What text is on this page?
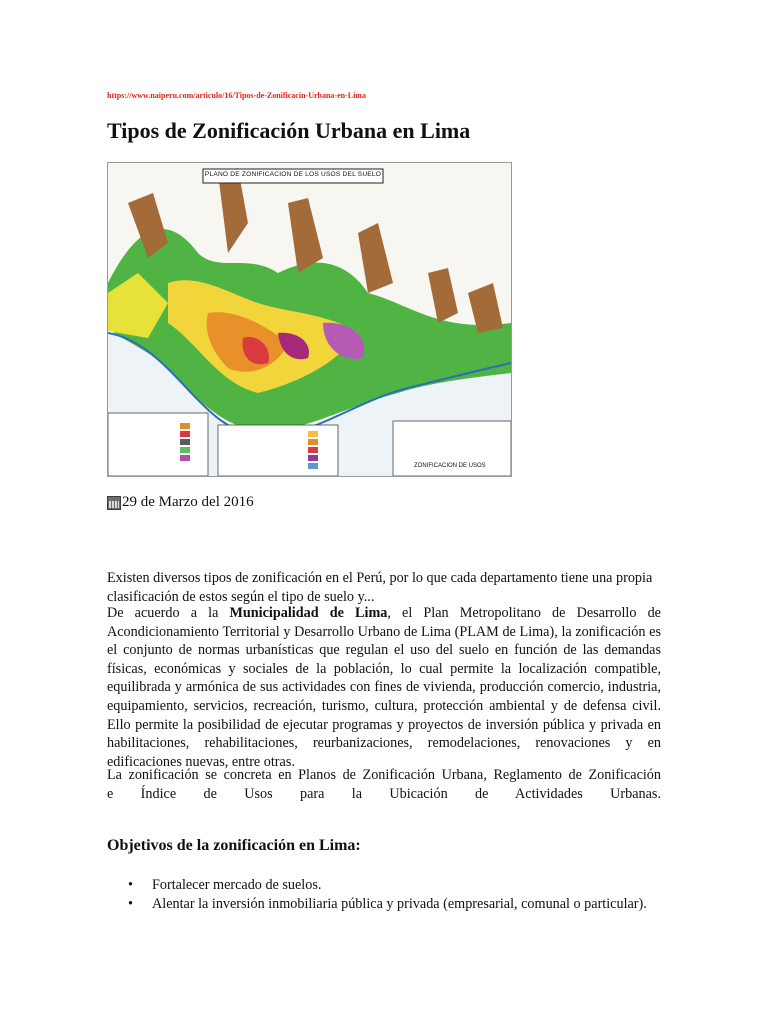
https://www.naiperu.com/articulo/16/Tipos-de-Zonificacin-Urbana-en-Lima
Tipos de Zonificación Urbana en Lima
PLANO DE ZONIFICACION DE LOS USOS DEL SUELO
ZONIFICACION DE USOS
29 de Marzo del 2016

Existen diversos tipos de zonificación en el Perú, por lo que cada departamento tiene una propia clasificación de estos según el tipo de suelo y...

De acuerdo a la Municipalidad de Lima, el Plan Metropolitano de Desarrollo de Acondicionamiento Territorial y Desarrollo Urbano de Lima (PLAM de Lima), la zonificación es el conjunto de normas urbanísticas que regulan el uso del suelo en función de las demandas físicas, económicas y sociales de la población, lo cual permite la localización compatible, equilibrada y armónica de sus actividades con fines de vivienda, producción comercio, industria, equipamiento, servicios, recreación, turismo, cultura, protección ambiental y de defensa civil. Ello permite la posibilidad de ejecutar programas y proyectos de inversión pública y privada en habilitaciones, rehabilitaciones, reurbanizaciones, remodelaciones, renovaciones y en edificaciones nuevas, entre otras.

La zonificación se concreta en Planos de Zonificación Urbana, Reglamento de Zonificación
e Índice de Usos para la Ubicación de Actividades Urbanas.

Objetivos de la zonificación en Lima:
• Fortalecer mercado de suelos.
• Alentar la inversión inmobiliaria pública y privada (empresarial, comunal o particular).
